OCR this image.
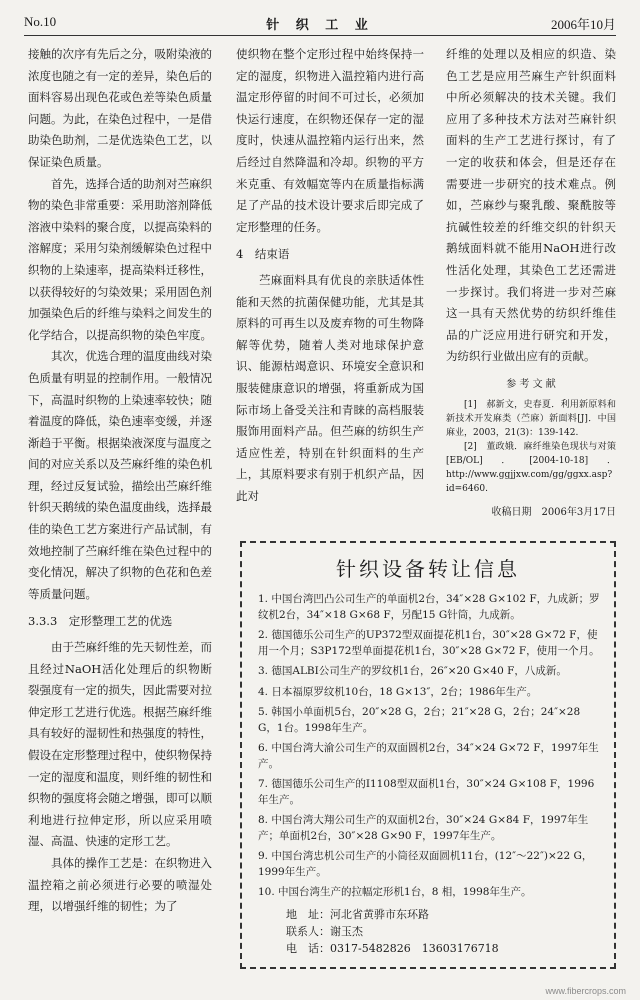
No.10	针 织 工 业	2006年10月

接触的次序有先后之分，吸附染液的浓度也随之有一定的差异，染色后的面料容易出现色花或色差等染色质量问题。为此，在染色过程中，一是借助染色助剂，二是优选染色工艺，以保证染色质量。

首先，选择合适的助剂对苎麻织物的染色非常重要：采用助溶剂降低溶液中染料的聚合度，以提高染料的溶解度；采用匀染剂缓解染色过程中织物的上染速率，提高染料迁移性，以获得较好的匀染效果；采用固色剂加强染色后的纤维与染料之间发生的化学结合，以提高织物的染色牢度。

其次，优选合理的温度曲线对染色质量有明显的控制作用。一般情况下，高温时织物的上染速率较快；随着温度的降低，染色速率变缓，并逐渐趋于平衡。根据染液深度与温度之间的对应关系以及苎麻纤维的染色机理，经过反复试验，描绘出苎麻纤维针织天鹅绒的染色温度曲线，选择最佳的染色工艺方案进行产品试制，有效地控制了苎麻纤维在染色过程中的变化情况，解决了织物的色花和色差等质量问题。

3.3.3　定形整理工艺的优选

由于苎麻纤维的先天韧性差，而且经过NaOH活化处理后的织物断裂强度有一定的损失，因此需要对拉伸定形工艺进行优选。根据苎麻纤维具有较好的湿韧性和热强度的特性，假设在定形整理过程中，使织物保持一定的湿度和温度，则纤维的韧性和织物的强度将会随之增强，即可以顺利地进行拉伸定形，所以应采用喷湿、高温、快速的定形工艺。

具体的操作工艺是：在织物进入温控箱之前必须进行必要的喷湿处理，以增强纤维的韧性；为了

使织物在整个定形过程中始终保持一定的湿度，织物进入温控箱内进行高温定形停留的时间不可过长，必须加快运行速度，在织物还保存一定的湿度时，快速从温控箱内运行出来，然后经过自然降温和冷却。织物的平方米克重、有效幅宽等内在质量指标满足了产品的技术设计要求后即完成了定形整理的任务。

4　结束语

苎麻面料具有优良的亲肤适体性能和天然的抗菌保健功能，尤其是其原料的可再生以及废弃物的可生物降解等优势，随着人类对地球保护意识、能源枯竭意识、环境安全意识和服装健康意识的增强，将重新成为国际市场上备受关注和青睐的高档服装服饰用面料产品。但苎麻的纺织生产适应性差，特别在针织面料的生产上，其原料要求有别于机织产品，因此对

纤维的处理以及相应的织造、染色工艺是应用苎麻生产针织面料中所必须解决的技术关键。我们应用了多种技术方法对苎麻针织面料的生产工艺进行探讨，有了一定的收获和体会，但是还存在需要进一步研究的技术难点。例如，苎麻纱与聚乳酸、聚酰胺等抗碱性较差的纤维交织的针织天鹅绒面料就不能用NaOH进行改性活化处理，其染色工艺还需进一步探讨。我们将进一步对苎麻这一具有天然优势的纺织纤维佳品的广泛应用进行研究和开发，为纺织行业做出应有的贡献。

参 考 文 献

[1]　郝新文，史春夏．利用新原料和新技术开发麻类（苎麻）新面料[J]．中国麻业，2003，21(3)：139-142.

[2]　董政娥．麻纤维染色现状与对策[EB/OL]．[2004-10-18]．http://www.ggjjxw.com/gg/ggxx.asp?id=6460.

收稿日期　2006年3月17日
针织设备转让信息
1. 中国台湾凹凸公司生产的单面机2台，34″×28 G×102 F，九成新；罗纹机2台，34″×18 G×68 F，另配15 G针筒，九成新。
2. 德国德乐公司生产的UP372型双面提花机1台，30″×28 G×72 F，使用一个月；S3P172型单面提花机1台，30″×28 G×72 F，使用一个月。
3. 德国ALBI公司生产的罗纹机1台，26″×20 G×40 F，八成新。
4. 日本福原罗纹机10台，18 G×13″，2台；1986年生产。
5. 韩国小单面机5台，20″×28 G，2台；21″×28 G，2台；24″×28 G，1台。1998年生产。
6. 中国台湾大渝公司生产的双面圆机2台，34″×24 G×72 F，1997年生产。
7. 德国德乐公司生产的I1108型双面机1台，30″×24 G×108 F，1996年生产。
8. 中国台湾大翔公司生产的双面机2台，30″×24 G×84 F，1997年生产；单面机2台，30″×28 G×90 F，1997年生产。
9. 中国台湾忠机公司生产的小筒径双面圆机11台，(12″～22″)×22 G，1999年生产。
10. 中国台湾生产的拉幅定形机1台，8 相，1998年生产。
地　址：河北省黄骅市东环路
联系人：谢玉杰
电　话：0317-5482826　13603176718
www.fibercrops.com
